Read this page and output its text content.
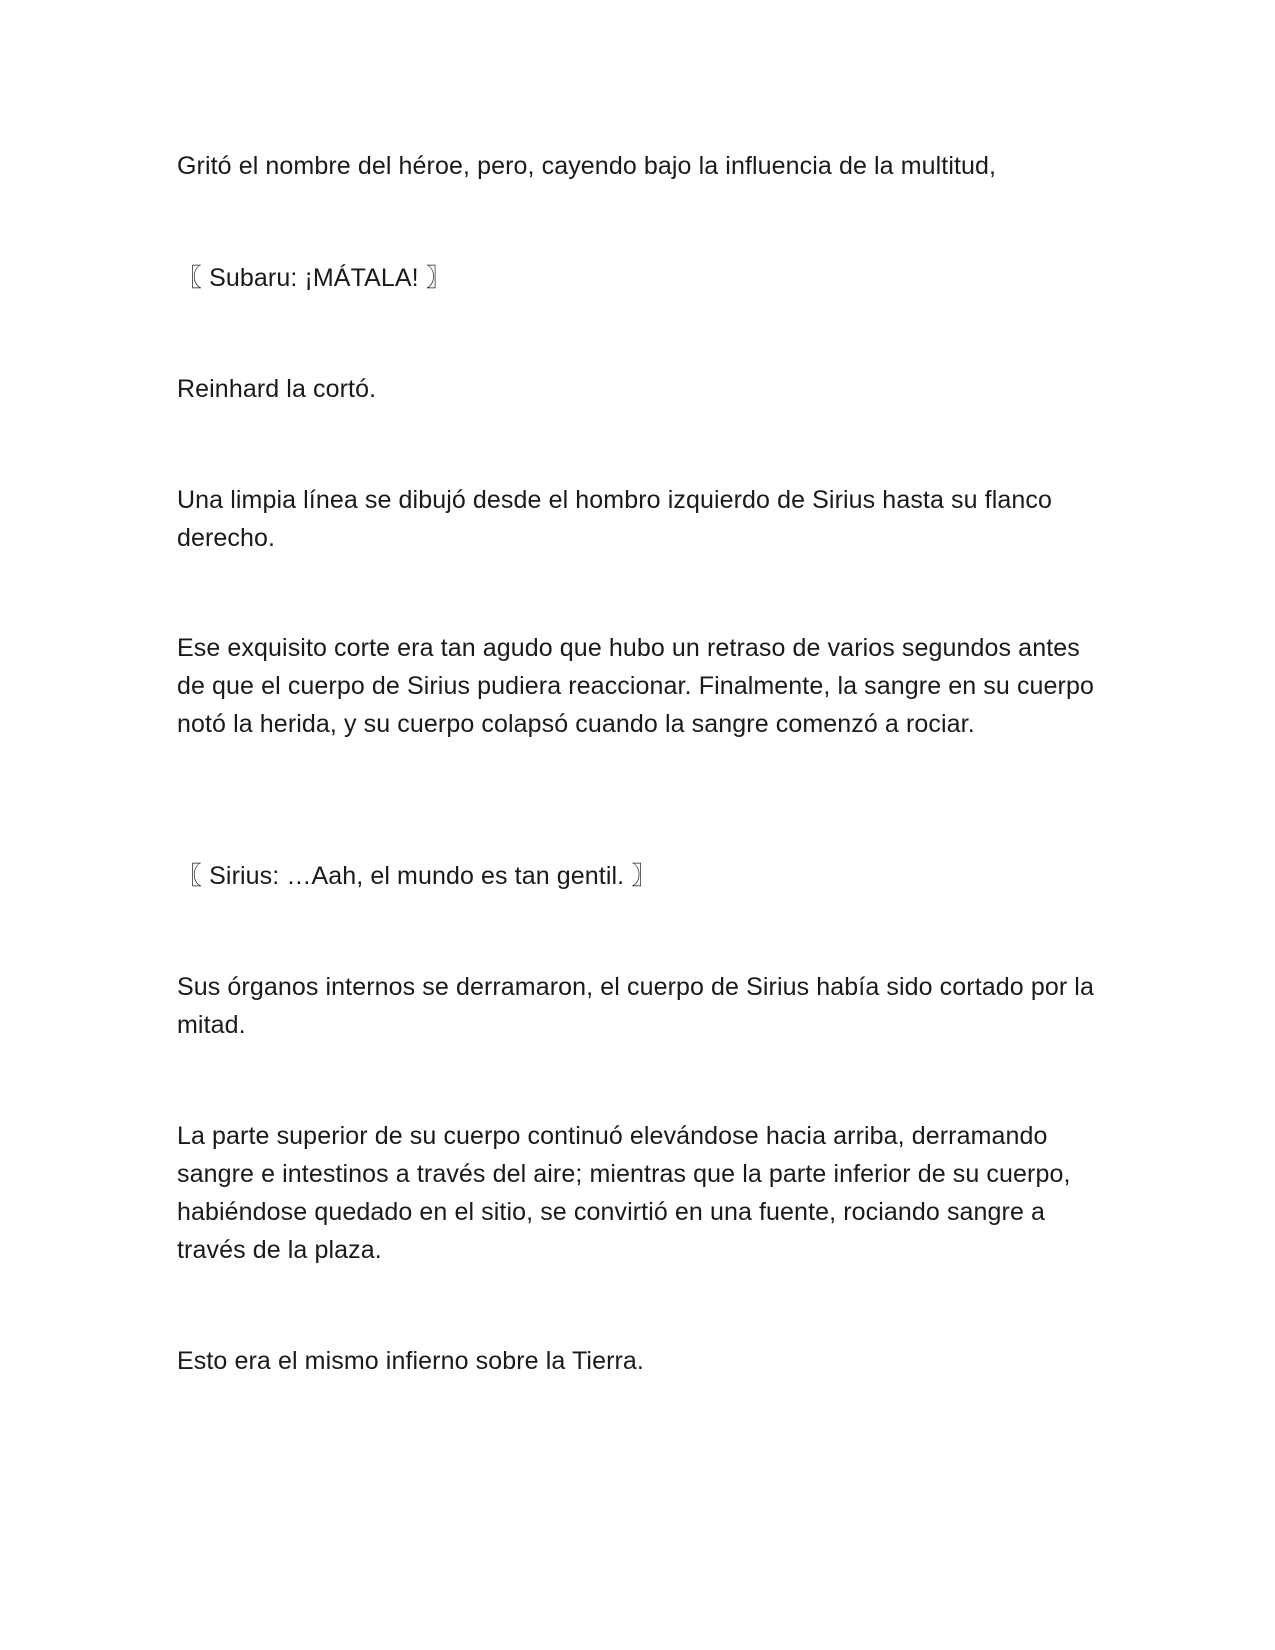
Gritó el nombre del héroe, pero, cayendo bajo la influencia de la multitud,

〖 Subaru: ¡MÁTALA! 〗

Reinhard la cortó.

Una limpia línea se dibujó desde el hombro izquierdo de Sirius hasta su flanco derecho.

Ese exquisito corte era tan agudo que hubo un retraso de varios segundos antes de que el cuerpo de Sirius pudiera reaccionar. Finalmente, la sangre en su cuerpo notó la herida, y su cuerpo colapsó cuando la sangre comenzó a rociar.

〖 Sirius: …Aah, el mundo es tan gentil. 〗

Sus órganos internos se derramaron, el cuerpo de Sirius había sido cortado por la mitad.

La parte superior de su cuerpo continuó elevándose hacia arriba, derramando sangre e intestinos a través del aire; mientras que la parte inferior de su cuerpo, habiéndose quedado en el sitio, se convirtió en una fuente, rociando sangre a través de la plaza.

Esto era el mismo infierno sobre la Tierra.
